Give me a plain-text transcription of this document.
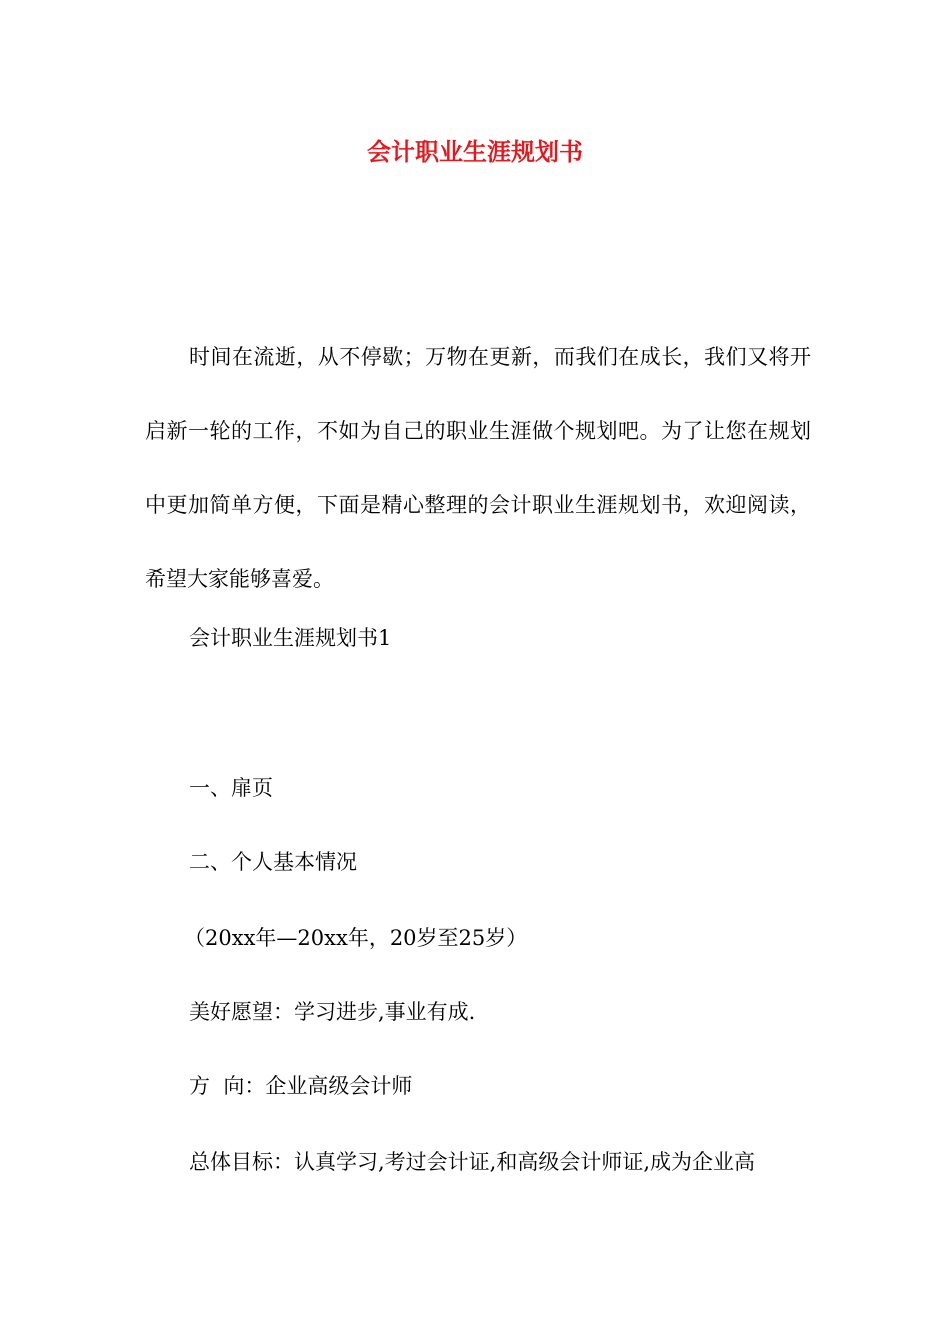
会计职业生涯规划书

时间在流逝，从不停歇；万物在更新，而我们在成长，我们又将开启新一轮的工作，不如为自己的职业生涯做个规划吧。为了让您在规划中更加简单方便，下面是精心整理的会计职业生涯规划书，欢迎阅读，希望大家能够喜爱。

会计职业生涯规划书1

一、扉页

二、个人基本情况

（20xx年—20xx年，20岁至25岁）

美好愿望：学习进步,事业有成.

方  向：企业高级会计师

总体目标：认真学习,考过会计证,和高级会计师证,成为企业高
